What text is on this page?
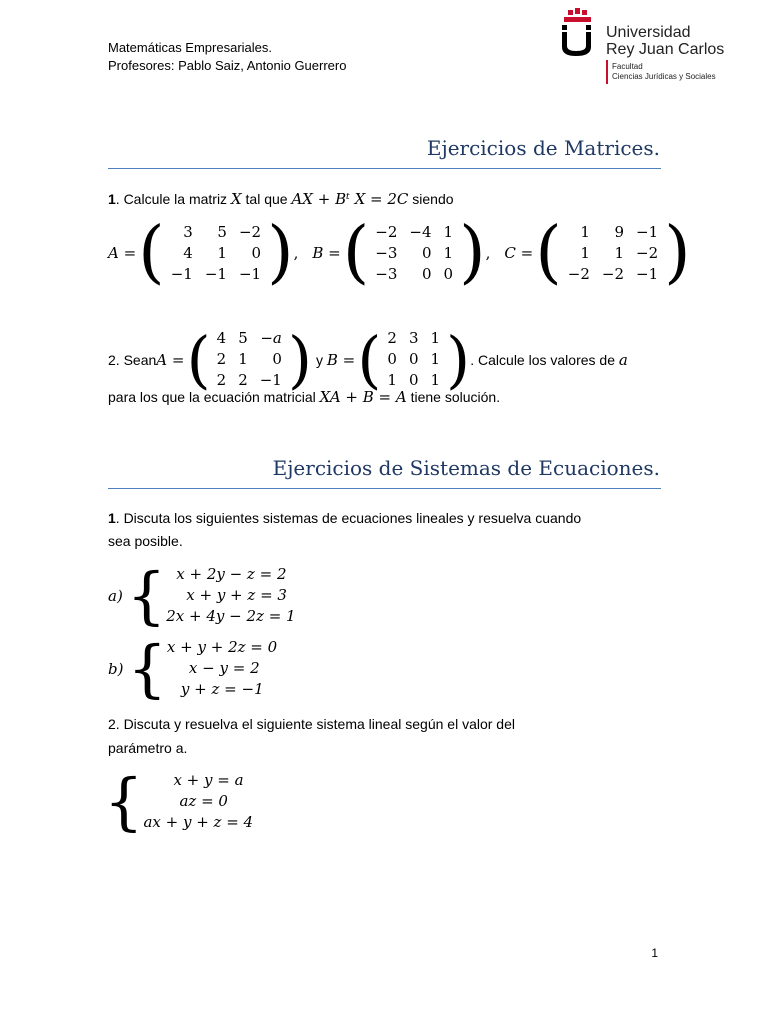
Matemáticas Empresariales.
Profesores: Pablo Saiz, Antonio Guerrero
Universidad
Rey Juan Carlos
Facultad
Ciencias Jurídicas y Sociales
Ejercicios de Matrices.
1. Calcule la matriz X tal que AX + Bᵗ X = 2C siendo
A = ( 3	5	−2
4	1	0
−1	−1	−1 ) , B = ( −2	−4	1
−3	0	1
−3	0	0 ) , C = ( 1	9	−1
1	1	−2
−2	−2	−1 )
2. Sean A = ( 4	5	−a
2	1	0
2	2	−1 ) y B = ( 2	3	1
0	0	1
1	0	1 ) . Calcule los valores de a
para los que la ecuación matricial XA + B = A tiene solución.
Ejercicios de Sistemas de Ecuaciones.
1. Discuta los siguientes sistemas de ecuaciones lineales y resuelva cuando
sea posible.
a) { x + 2y − z = 2
x + y + z = 3
2x + 4y − 2z = 1
b) { x + y + 2z = 0
x − y = 2
y + z = −1
2. Discuta y resuelva el siguiente sistema lineal según el valor del
parámetro a.
{ x + y = a
az = 0
ax + y + z = 4
1
